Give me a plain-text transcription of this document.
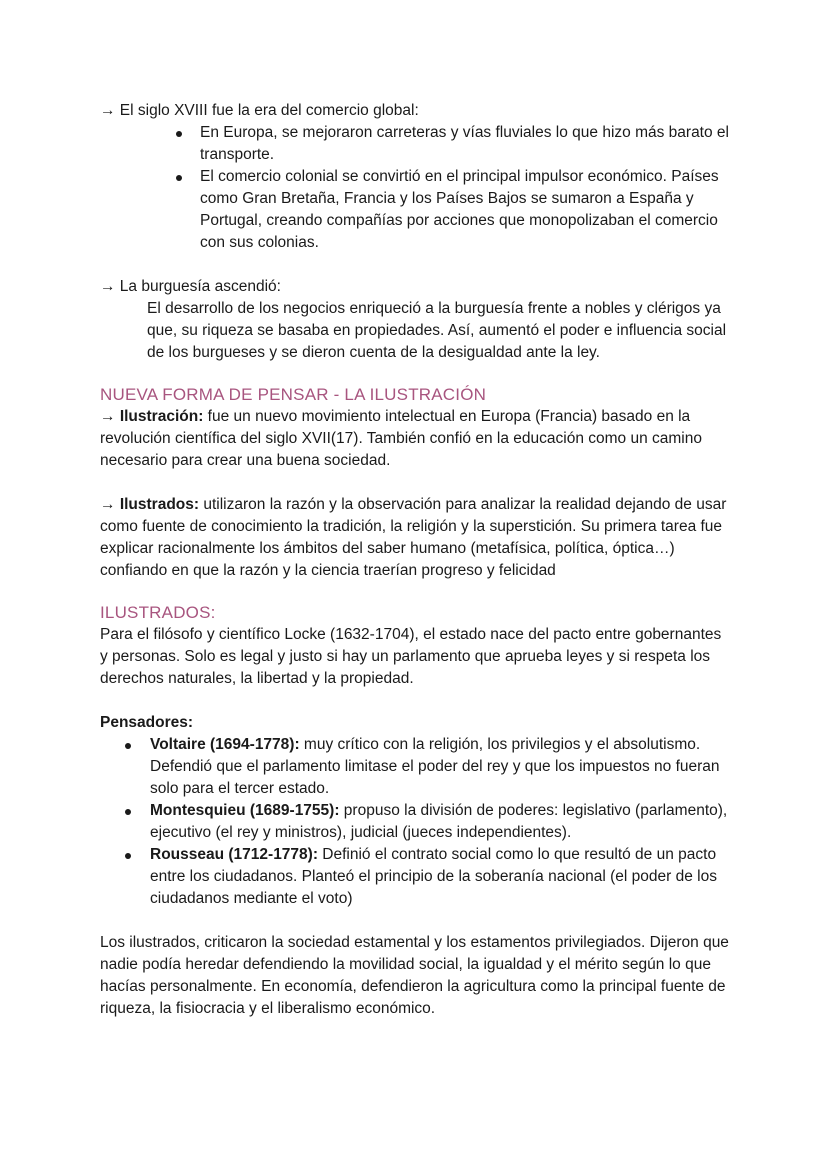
→ El siglo XVIII fue la era del comercio global:

En Europa, se mejoraron carreteras y vías fluviales lo que hizo más barato el transporte.
El comercio colonial se convirtió en el principal impulsor económico. Países como Gran Bretaña, Francia y los Países Bajos se sumaron a España y Portugal, creando compañías por acciones que monopolizaban el comercio con sus colonias.

→ La burguesía ascendió:

El desarrollo de los negocios enriqueció a la burguesía frente a nobles y clérigos ya que, su riqueza se basaba en propiedades. Así, aumentó el poder e influencia social de los burgueses y se dieron cuenta de la desigualdad ante la ley.

NUEVA FORMA DE PENSAR - LA ILUSTRACIÓN

→ Ilustración: fue un nuevo movimiento intelectual en Europa (Francia) basado en la revolución científica del siglo XVII(17). También confió en la educación como un camino necesario para crear una buena sociedad.

→ Ilustrados: utilizaron la razón y la observación para analizar la realidad dejando de usar como fuente de conocimiento la tradición, la religión y la superstición. Su primera tarea fue explicar racionalmente los ámbitos del saber humano (metafísica, política, óptica…) confiando en que la razón y la ciencia traerían progreso y felicidad

ILUSTRADOS:

Para el filósofo y científico Locke (1632-1704), el estado nace del pacto entre gobernantes y personas. Solo es legal y justo si hay un parlamento que aprueba leyes y si respeta los derechos naturales, la libertad y la propiedad.

Pensadores:

Voltaire (1694-1778): muy crítico con la religión, los privilegios y el absolutismo. Defendió que el parlamento limitase el poder del rey y que los impuestos no fueran solo para el tercer estado.
Montesquieu (1689-1755): propuso la división de poderes: legislativo (parlamento), ejecutivo (el rey y ministros), judicial (jueces independientes).
Rousseau (1712-1778): Definió el contrato social como lo que resultó de un pacto entre los ciudadanos. Planteó el principio de la soberanía nacional (el poder de los ciudadanos mediante el voto)

Los ilustrados, criticaron la sociedad estamental y los estamentos privilegiados. Dijeron que nadie podía heredar defendiendo la movilidad social, la igualdad y el mérito según lo que hacías personalmente. En economía, defendieron la agricultura como la principal fuente de riqueza, la fisiocracia y el liberalismo económico.
